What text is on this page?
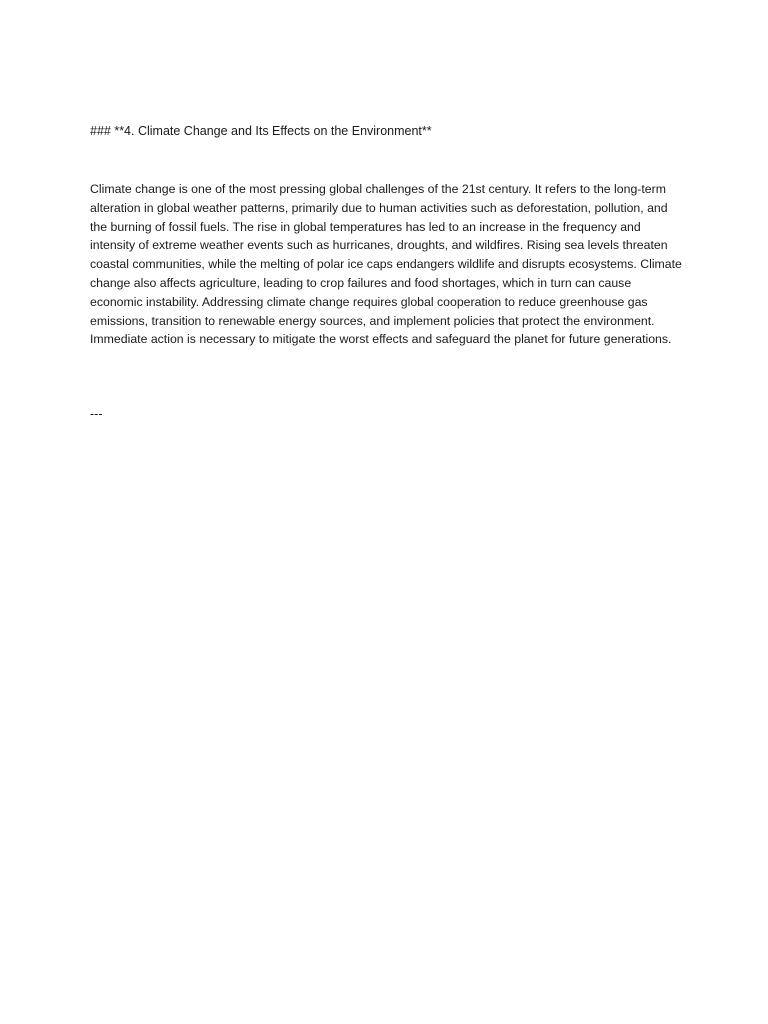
### **4. Climate Change and Its Effects on the Environment**

Climate change is one of the most pressing global challenges of the 21st century. It refers to the long-term alteration in global weather patterns, primarily due to human activities such as deforestation, pollution, and the burning of fossil fuels. The rise in global temperatures has led to an increase in the frequency and intensity of extreme weather events such as hurricanes, droughts, and wildfires. Rising sea levels threaten coastal communities, while the melting of polar ice caps endangers wildlife and disrupts ecosystems. Climate change also affects agriculture, leading to crop failures and food shortages, which in turn can cause economic instability. Addressing climate change requires global cooperation to reduce greenhouse gas emissions, transition to renewable energy sources, and implement policies that protect the environment. Immediate action is necessary to mitigate the worst effects and safeguard the planet for future generations.

---
